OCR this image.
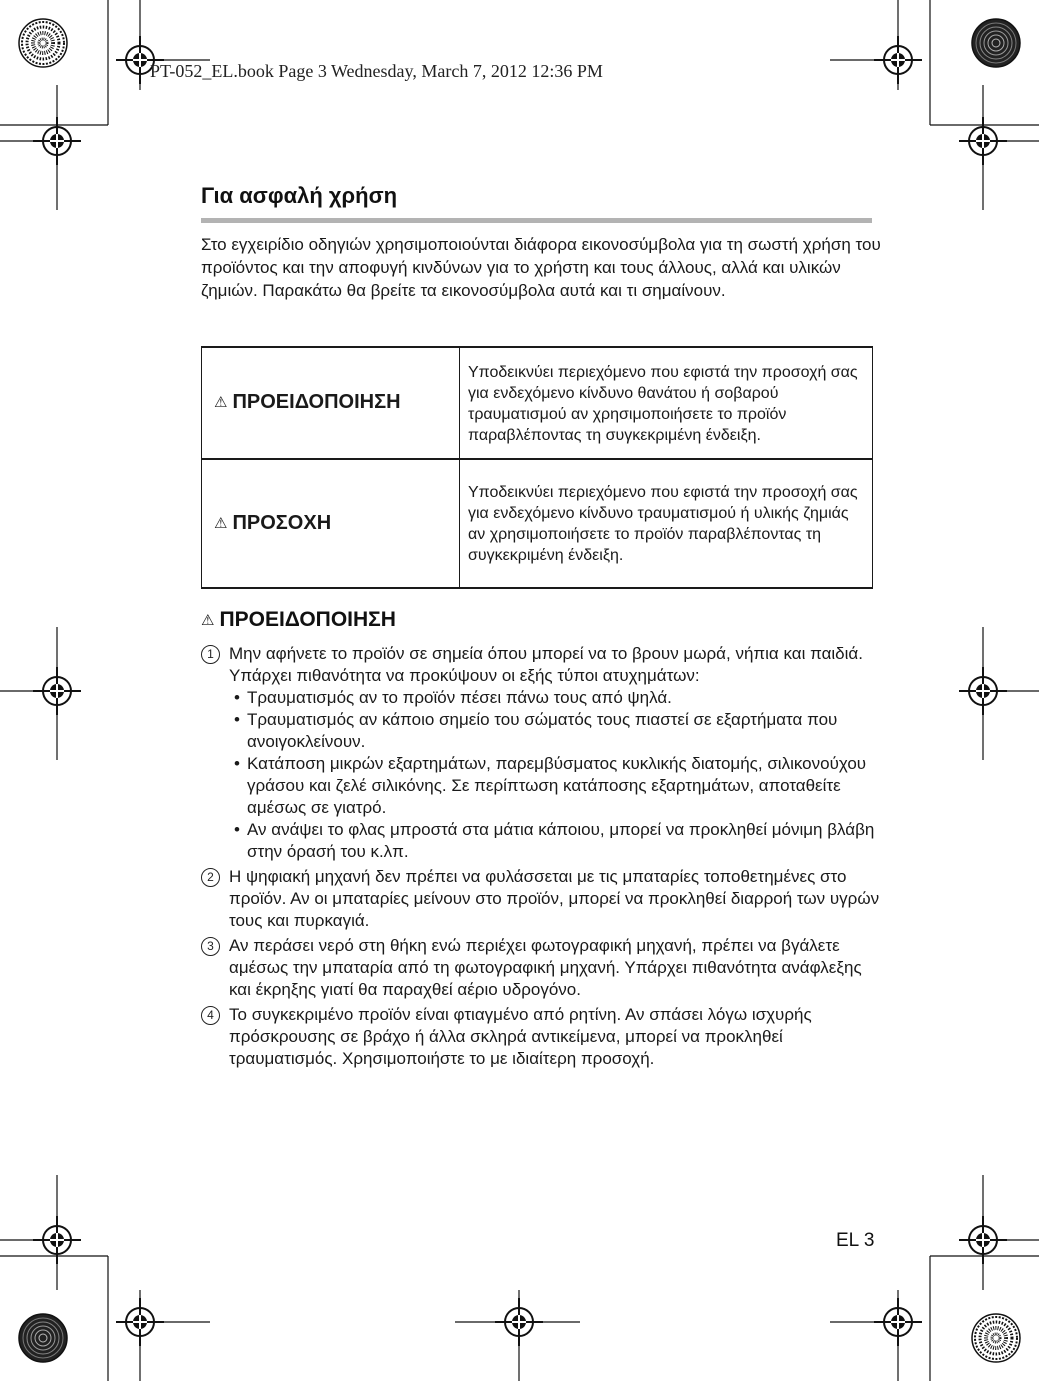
PT-052_EL.book Page 3 Wednesday, March 7, 2012 12:36 PM
Για ασφαλή χρήση

Στο εγχειρίδιο οδηγιών χρησιμοποιούνται διάφορα εικονοσύμβολα για τη σωστή χρήση του προϊόντος και την αποφυγή κινδύνων για το χρήστη και τους άλλους, αλλά και υλικών ζημιών. Παρακάτω θα βρείτε τα εικονοσύμβολα αυτά και τι σημαίνουν.

⚠ ΠΡΟΕΙΔΟΠΟΙΗΣΗ	Υποδεικνύει περιεχόμενο που εφιστά την προσοχή σας για ενδεχόμενο κίνδυνο θανάτου ή σοβαρού τραυματισμού αν χρησιμοποιήσετε το προϊόν παραβλέποντας τη συγκεκριμένη ένδειξη.
⚠ ΠΡΟΣΟΧΗ	Υποδεικνύει περιεχόμενο που εφιστά την προσοχή σας για ενδεχόμενο κίνδυνο τραυματισμού ή υλικής ζημιάς αν χρησιμοποιήσετε το προϊόν παραβλέποντας τη συγκεκριμένη ένδειξη.
⚠ ΠΡΟΕΙΔΟΠΟΙΗΣΗ
1 Μην αφήνετε το προϊόν σε σημεία όπου μπορεί να το βρουν μωρά, νήπια και παιδιά. Υπάρχει πιθανότητα να προκύψουν οι εξής τύποι ατυχημάτων:
• Τραυματισμός αν το προϊόν πέσει πάνω τους από ψηλά.
• Τραυματισμός αν κάποιο σημείο του σώματός τους πιαστεί σε εξαρτήματα που ανοιγοκλείνουν.
• Κατάποση μικρών εξαρτημάτων, παρεμβύσματος κυκλικής διατομής, σιλικονούχου γράσου και ζελέ σιλικόνης. Σε περίπτωση κατάποσης εξαρτημάτων, αποταθείτε αμέσως σε γιατρό.
• Αν ανάψει το φλας μπροστά στα μάτια κάποιου, μπορεί να προκληθεί μόνιμη βλάβη στην όρασή του κ.λπ.
2 Η ψηφιακή μηχανή δεν πρέπει να φυλάσσεται με τις μπαταρίες τοποθετημένες στο προϊόν. Αν οι μπαταρίες μείνουν στο προϊόν, μπορεί να προκληθεί διαρροή των υγρών τους και πυρκαγιά.
3 Αν περάσει νερό στη θήκη ενώ περιέχει φωτογραφική μηχανή, πρέπει να βγάλετε αμέσως την μπαταρία από τη φωτογραφική μηχανή. Υπάρχει πιθανότητα ανάφλεξης και έκρηξης γιατί θα παραχθεί αέριο υδρογόνο.
4 Το συγκεκριμένο προϊόν είναι φτιαγμένο από ρητίνη. Αν σπάσει λόγω ισχυρής πρόσκρουσης σε βράχο ή άλλα σκληρά αντικείμενα, μπορεί να προκληθεί τραυματισμός. Χρησιμοποιήστε το με ιδιαίτερη προσοχή.
EL 3
